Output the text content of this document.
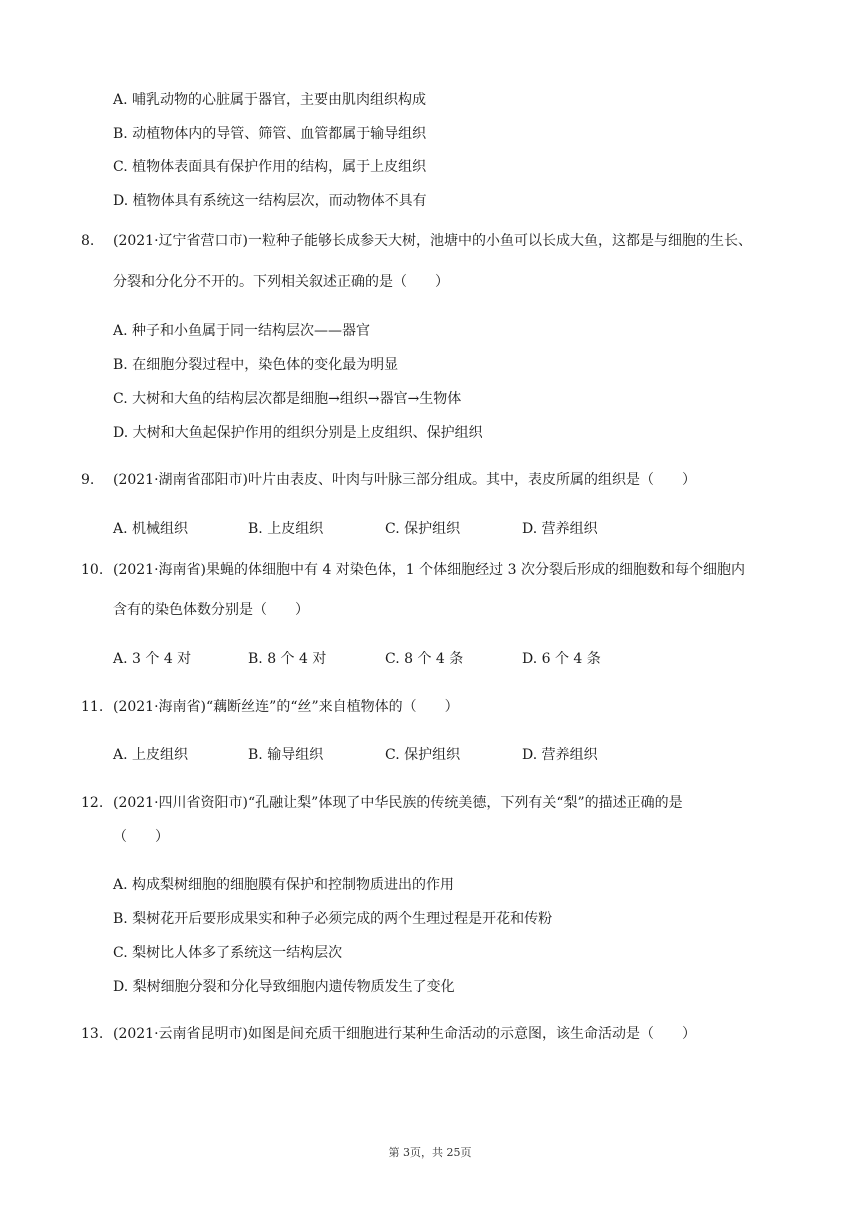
A. 哺乳动物的心脏属于器官，主要由肌肉组织构成
B. 动植物体内的导管、筛管、血管都属于输导组织
C. 植物体表面具有保护作用的结构，属于上皮组织
D. 植物体具有系统这一结构层次，而动物体不具有
8. (2021·辽宁省营口市)一粒种子能够长成参天大树，池塘中的小鱼可以长成大鱼，这都是与细胞的生长、
分裂和分化分不开的。下列相关叙述正确的是（　　）
A. 种子和小鱼属于同一结构层次——器官
B. 在细胞分裂过程中，染色体的变化最为明显
C. 大树和大鱼的结构层次都是细胞→组织→器官→生物体
D. 大树和大鱼起保护作用的组织分别是上皮组织、保护组织
9. (2021·湖南省邵阳市)叶片由表皮、叶肉与叶脉三部分组成。其中，表皮所属的组织是（　　）
A. 机械组织	B. 上皮组织	C. 保护组织	D. 营养组织
10. (2021·海南省)果蝇的体细胞中有 4 对染色体，1 个体细胞经过 3 次分裂后形成的细胞数和每个细胞内
含有的染色体数分别是（　　）
A. 3 个 4 对	B. 8 个 4 对	C. 8 个 4 条	D. 6 个 4 条
11. (2021·海南省)“藕断丝连”的“丝”来自植物体的（　　）
A. 上皮组织	B. 输导组织	C. 保护组织	D. 营养组织
12. (2021·四川省资阳市)“孔融让梨”体现了中华民族的传统美德，下列有关“梨”的描述正确的是
（　　）
A. 构成梨树细胞的细胞膜有保护和控制物质进出的作用
B. 梨树花开后要形成果实和种子必须完成的两个生理过程是开花和传粉
C. 梨树比人体多了系统这一结构层次
D. 梨树细胞分裂和分化导致细胞内遗传物质发生了变化
13. (2021·云南省昆明市)如图是间充质干细胞进行某种生命活动的示意图，该生命活动是（　　）
第 3页，共 25页
